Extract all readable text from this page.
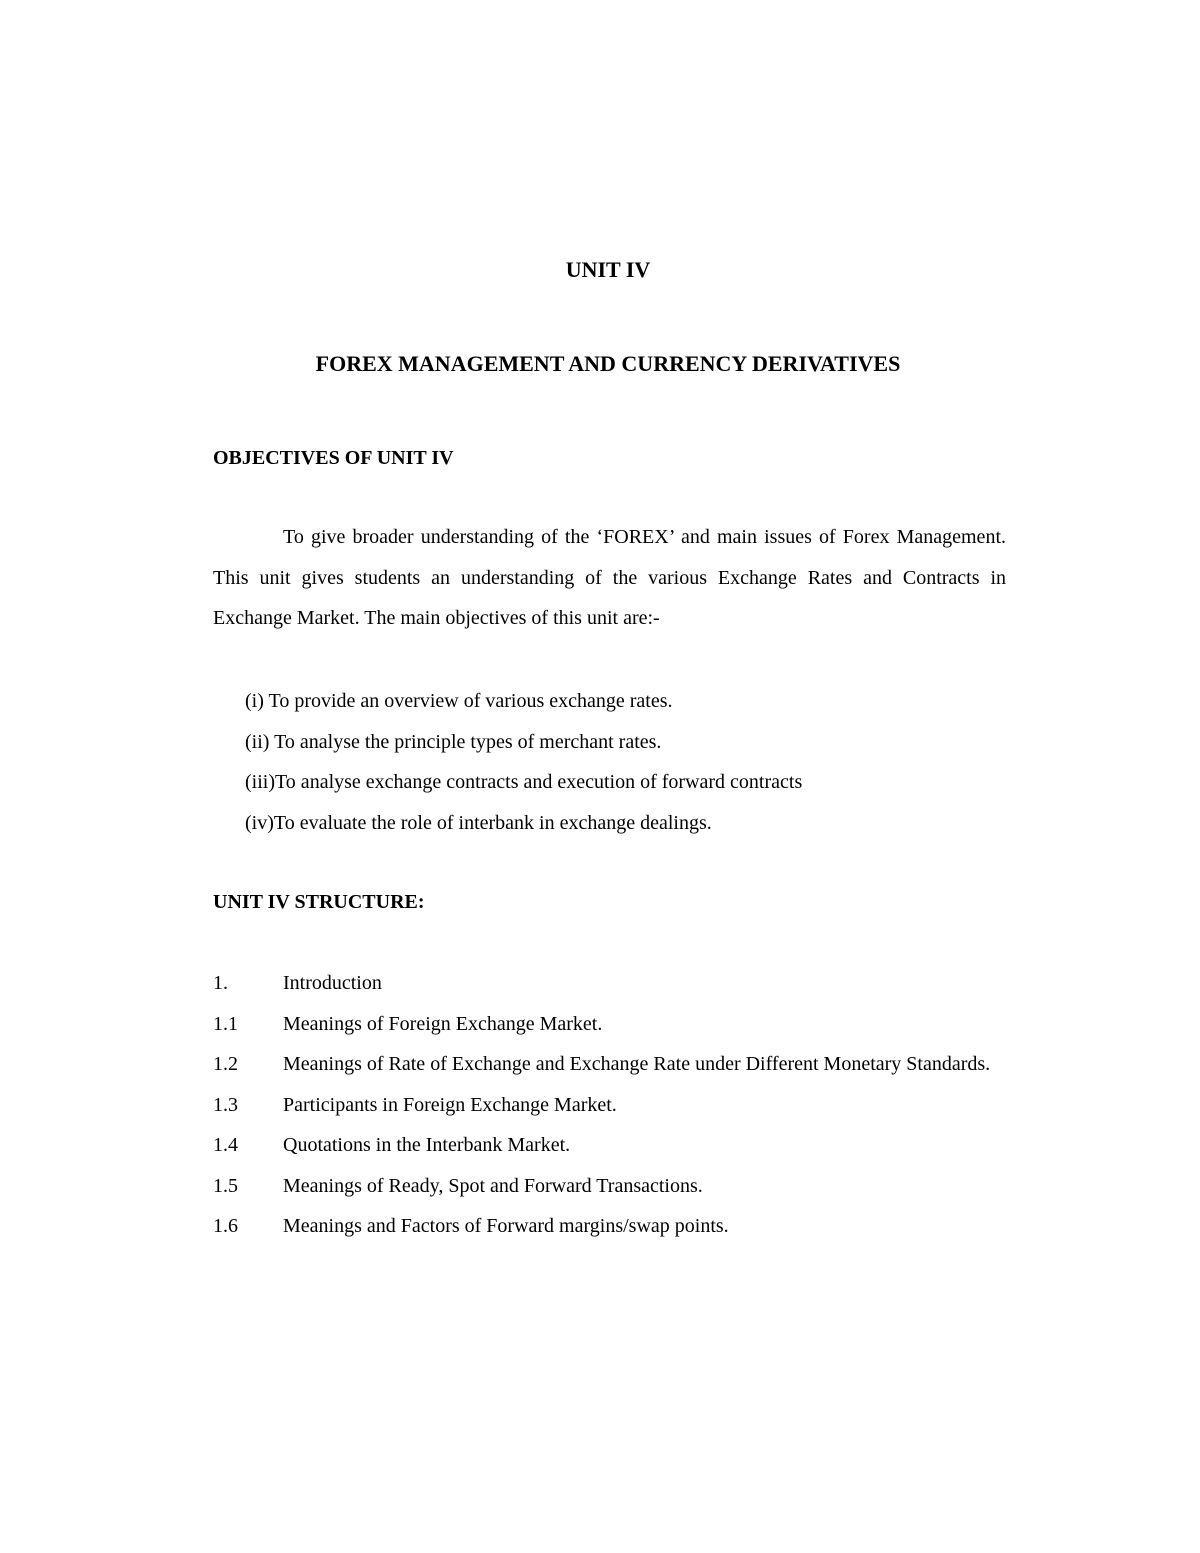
UNIT IV
FOREX MANAGEMENT AND CURRENCY DERIVATIVES
OBJECTIVES OF UNIT IV

To give broader understanding of the ‘FOREX’ and main issues of Forex Management. This unit gives students an understanding of the various Exchange Rates and Contracts in Exchange Market. The main objectives of this unit are:-

(i) To provide an overview of various exchange rates.
(ii) To analyse the principle types of merchant rates.
(iii)To analyse exchange contracts and execution of forward contracts
(iv)To evaluate the role of interbank in exchange dealings.
UNIT IV STRUCTURE:
1.	Introduction
1.1	Meanings of Foreign Exchange Market.
1.2	Meanings of Rate of Exchange and Exchange Rate under Different Monetary Standards.
1.3	Participants in Foreign Exchange Market.
1.4	Quotations in the Interbank Market.
1.5	Meanings of Ready, Spot and Forward Transactions.
1.6	Meanings and Factors of Forward margins/swap points.
